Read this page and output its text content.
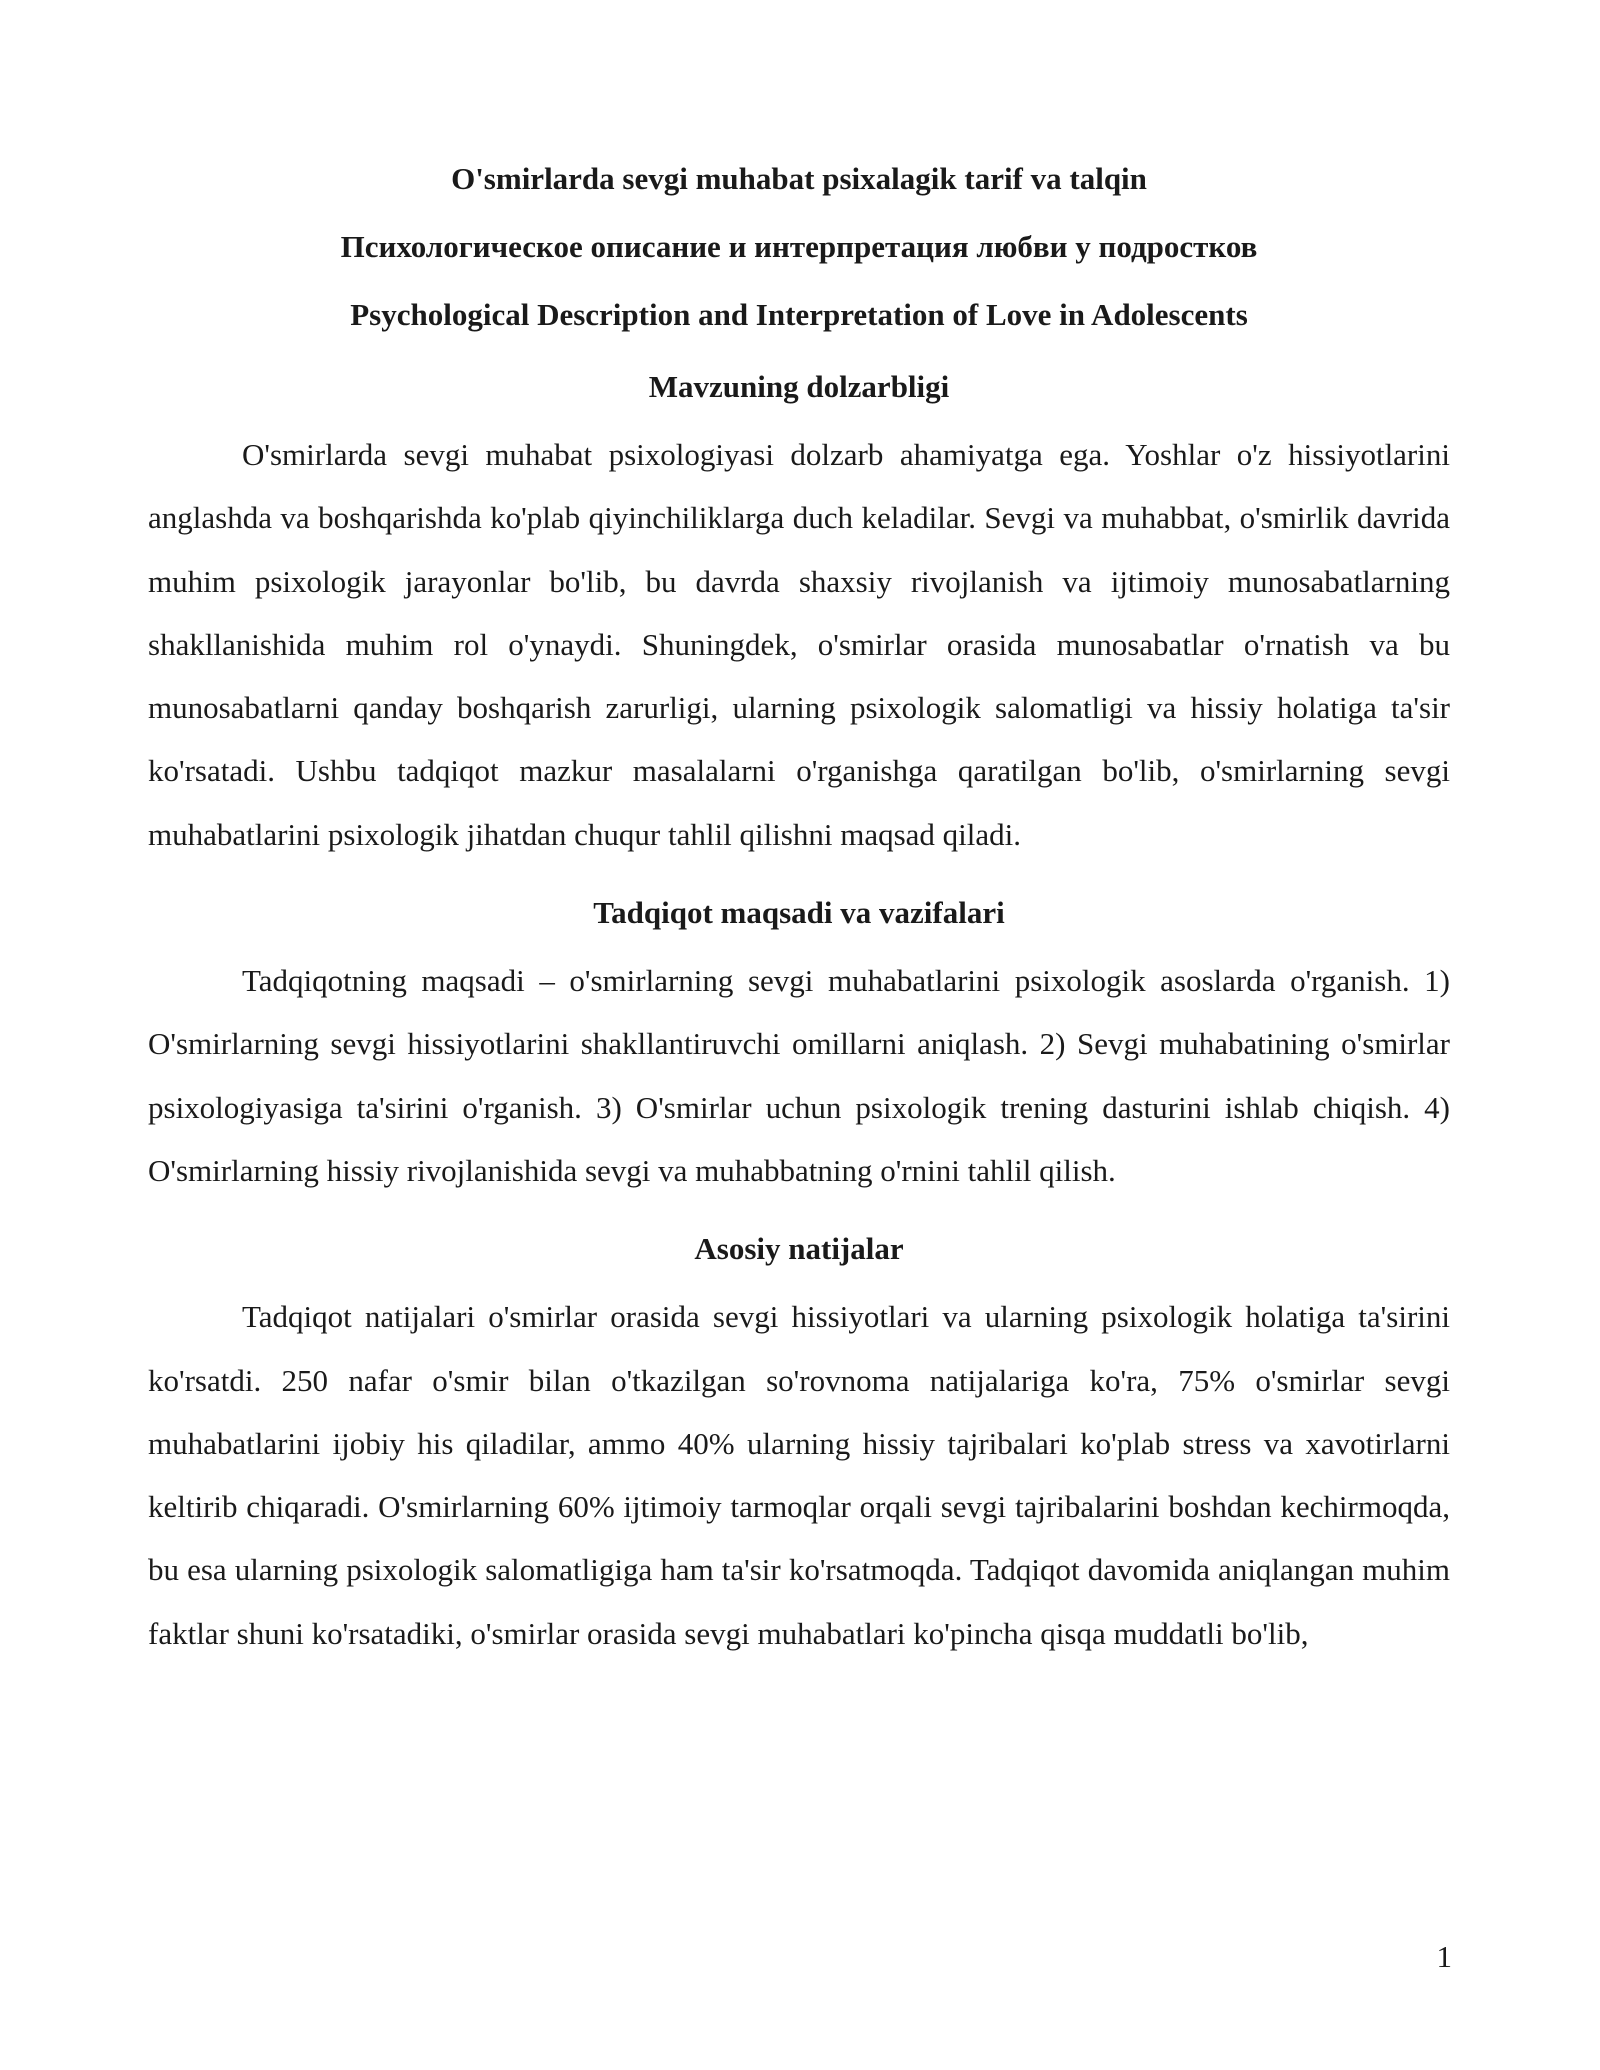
O'smirlarda sevgi muhabat psixalagik tarif va talqin
Психологическое описание и интерпретация любви у подростков
Psychological Description and Interpretation of Love in Adolescents
Mavzuning dolzarbligi

O'smirlarda sevgi muhabat psixologiyasi dolzarb ahamiyatga ega. Yoshlar o'z hissiyotlarini anglashda va boshqarishda ko'plab qiyinchiliklarga duch keladilar. Sevgi va muhabbat, o'smirlik davrida muhim psixologik jarayonlar bo'lib, bu davrda shaxsiy rivojlanish va ijtimoiy munosabatlarning shakllanishida muhim rol o'ynaydi. Shuningdek, o'smirlar orasida munosabatlar o'rnatish va bu munosabatlarni qanday boshqarish zarurligi, ularning psixologik salomatligi va hissiy holatiga ta'sir ko'rsatadi. Ushbu tadqiqot mazkur masalalarni o'rganishga qaratilgan bo'lib, o'smirlarning sevgi muhabatlarini psixologik jihatdan chuqur tahlil qilishni maqsad qiladi.

Tadqiqot maqsadi va vazifalari

Tadqiqotning maqsadi – o'smirlarning sevgi muhabatlarini psixologik asoslarda o'rganish. 1) O'smirlarning sevgi hissiyotlarini shakllantiruvchi omillarni aniqlash. 2) Sevgi muhabatining o'smirlar psixologiyasiga ta'sirini o'rganish. 3) O'smirlar uchun psixologik trening dasturini ishlab chiqish. 4) O'smirlarning hissiy rivojlanishida sevgi va muhabbatning o'rnini tahlil qilish.

Asosiy natijalar

Tadqiqot natijalari o'smirlar orasida sevgi hissiyotlari va ularning psixologik holatiga ta'sirini ko'rsatdi. 250 nafar o'smir bilan o'tkazilgan so'rovnoma natijalariga ko'ra, 75% o'smirlar sevgi muhabatlarini ijobiy his qiladilar, ammo 40% ularning hissiy tajribalari ko'plab stress va xavotirlarni keltirib chiqaradi. O'smirlarning 60% ijtimoiy tarmoqlar orqali sevgi tajribalarini boshdan kechirmoqda, bu esa ularning psixologik salomatligiga ham ta'sir ko'rsatmoqda. Tadqiqot davomida aniqlangan muhim faktlar shuni ko'rsatadiki, o'smirlar orasida sevgi muhabatlari ko'pincha qisqa muddatli bo'lib,

1
